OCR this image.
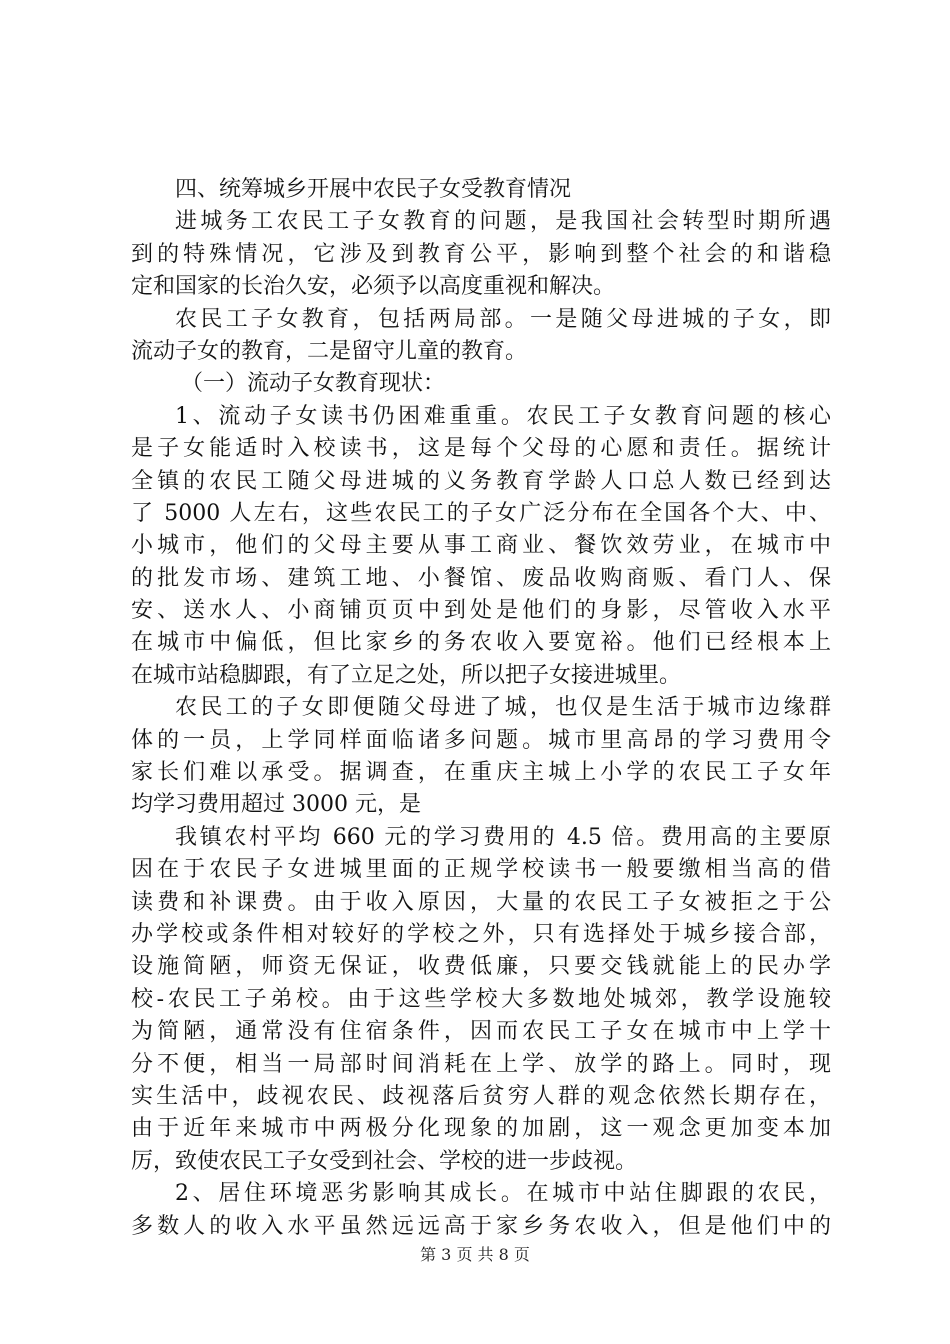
四、统筹城乡开展中农民子女受教育情况
进城务工农民工子女教育的问题，是我国社会转型时期所遇
到的特殊情况，它涉及到教育公平，影响到整个社会的和谐稳
定和国家的长治久安，必须予以高度重视和解决。
农民工子女教育，包括两局部。一是随父母进城的子女，即
流动子女的教育，二是留守儿童的教育。
（一）流动子女教育现状：
1、流动子女读书仍困难重重。农民工子女教育问题的核心
是子女能适时入校读书，这是每个父母的心愿和责任。据统计
全镇的农民工随父母进城的义务教育学龄人口总人数已经到达
了 5000 人左右，这些农民工的子女广泛分布在全国各个大、中、
小城市，他们的父母主要从事工商业、餐饮效劳业，在城市中
的批发市场、建筑工地、小餐馆、废品收购商贩、看门人、保
安、送水人、小商铺页页中到处是他们的身影，尽管收入水平
在城市中偏低，但比家乡的务农收入要宽裕。他们已经根本上
在城市站稳脚跟，有了立足之处，所以把子女接进城里。
农民工的子女即便随父母进了城，也仅是生活于城市边缘群
体的一员，上学同样面临诸多问题。城市里高昂的学习费用令
家长们难以承受。据调查，在重庆主城上小学的农民工子女年
均学习费用超过 3000 元，是
我镇农村平均 660 元的学习费用的 4.5 倍。费用高的主要原
因在于农民子女进城里面的正规学校读书一般要缴相当高的借
读费和补课费。由于收入原因，大量的农民工子女被拒之于公
办学校或条件相对较好的学校之外，只有选择处于城乡接合部，
设施简陋，师资无保证，收费低廉，只要交钱就能上的民办学
校-农民工子弟校。由于这些学校大多数地处城郊，教学设施较
为简陋，通常没有住宿条件，因而农民工子女在城市中上学十
分不便，相当一局部时间消耗在上学、放学的路上。同时，现
实生活中，歧视农民、歧视落后贫穷人群的观念依然长期存在，
由于近年来城市中两极分化现象的加剧，这一观念更加变本加
厉，致使农民工子女受到社会、学校的进一步歧视。
2、居住环境恶劣影响其成长。在城市中站住脚跟的农民，
多数人的收入水平虽然远远高于家乡务农收入，但是他们中的
第 3 页 共 8 页
